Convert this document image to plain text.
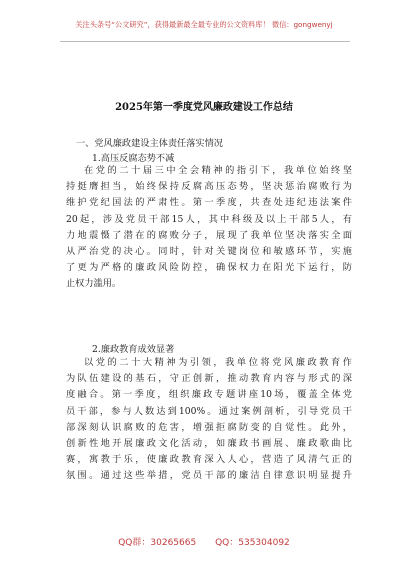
关注头条号“公文研究”，获得最新最全最专业的公文资料库！ 微信：gongwenyj
2025年第一季度党风廉政建设工作总结
一、党风廉政建设主体责任落实情况
1.高压反腐态势不减
在党的二十届三中全会精神的指引下，我单位始终坚
持挺膺担当，始终保持反腐高压态势，坚决惩治腐败行为
维护党纪国法的严肃性。第一季度，共查处违纪违法案件
20起，涉及党员干部15人，其中科级及以上干部5人，有
力地震慑了潜在的腐败分子，展现了我单位坚决落实全面
从严治党的决心。同时，针对关键岗位和敏感环节，实施
了更为严格的廉政风险防控，确保权力在阳光下运行，防
止权力滥用。
2.廉政教育成效显著
以党的二十大精神为引领，我单位将党风廉政教育作
为队伍建设的基石，守正创新，推动教育内容与形式的深
度融合。第一季度，组织廉政专题讲座10场，覆盖全体党
员干部，参与人数达到100%。通过案例剖析，引导党员干
部深刻认识腐败的危害，增强拒腐防变的自觉性。此外，
创新性地开展廉政文化活动，如廉政书画展、廉政歌曲比
赛，寓教于乐，使廉政教育深入人心，营造了风清气正的
氛围。通过这些举措，党员干部的廉洁自律意识明显提升
QQ群：30265665 QQ：535304092
